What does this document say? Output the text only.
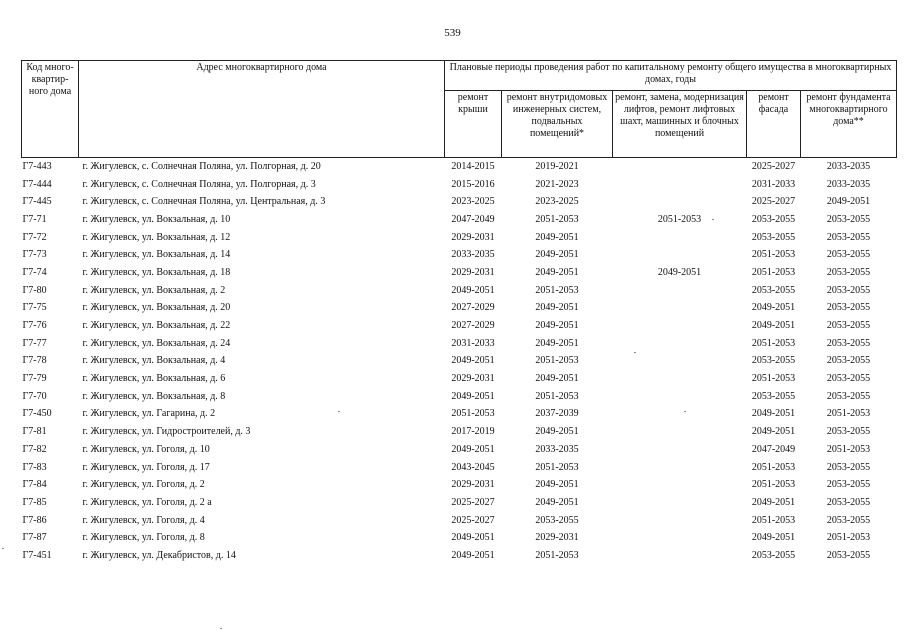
539
Код много-квартир-ного дома	Адрес многоквартирного дома	Плановые периоды проведения работ по капитальному ремонту общего имущества в многоквартирных домах, годы				
		ремонт крыши	ремонт внутридомовых инженерных систем, подвальных помещений*	ремонт, замена, модернизация лифтов, ремонт лифтовых шахт, машинных и блочных помещений	ремонт фасада	ремонт фундамента многоквартирного дома**
Г7-443	г. Жигулевск, с. Солнечная Поляна, ул. Полгорная, д. 20	2014-2015	2019-2021		2025-2027	2033-2035
Г7-444	г. Жигулевск, с. Солнечная Поляна, ул. Полгорная, д. 3	2015-2016	2021-2023		2031-2033	2033-2035
Г7-445	г. Жигулевск, с. Солнечная Поляна, ул. Центральная, д. 3	2023-2025	2023-2025		2025-2027	2049-2051
Г7-71	г. Жигулевск, ул. Вокзальная, д. 10	2047-2049	2051-2053	2051-2053	2053-2055	2053-2055
Г7-72	г. Жигулевск, ул. Вокзальная, д. 12	2029-2031	2049-2051		2053-2055	2053-2055
Г7-73	г. Жигулевск, ул. Вокзальная, д. 14	2033-2035	2049-2051		2051-2053	2053-2055
Г7-74	г. Жигулевск, ул. Вокзальная, д. 18	2029-2031	2049-2051	2049-2051	2051-2053	2053-2055
Г7-80	г. Жигулевск, ул. Вокзальная, д. 2	2049-2051	2051-2053		2053-2055	2053-2055
Г7-75	г. Жигулевск, ул. Вокзальная, д. 20	2027-2029	2049-2051		2049-2051	2053-2055
Г7-76	г. Жигулевск, ул. Вокзальная, д. 22	2027-2029	2049-2051		2049-2051	2053-2055
Г7-77	г. Жигулевск, ул. Вокзальная, д. 24	2031-2033	2049-2051		2051-2053	2053-2055
Г7-78	г. Жигулевск, ул. Вокзальная, д. 4	2049-2051	2051-2053		2053-2055	2053-2055
Г7-79	г. Жигулевск, ул. Вокзальная, д. 6	2029-2031	2049-2051		2051-2053	2053-2055
Г7-70	г. Жигулевск, ул. Вокзальная, д. 8	2049-2051	2051-2053		2053-2055	2053-2055
Г7-450	г. Жигулевск, ул. Гагарина, д. 2	2051-2053	2037-2039		2049-2051	2051-2053
Г7-81	г. Жигулевск, ул. Гидростроителей, д. 3	2017-2019	2049-2051		2049-2051	2053-2055
Г7-82	г. Жигулевск, ул. Гоголя, д. 10	2049-2051	2033-2035		2047-2049	2051-2053
Г7-83	г. Жигулевск, ул. Гоголя, д. 17	2043-2045	2051-2053		2051-2053	2053-2055
Г7-84	г. Жигулевск, ул. Гоголя, д. 2	2029-2031	2049-2051		2051-2053	2053-2055
Г7-85	г. Жигулевск, ул. Гоголя, д. 2 а	2025-2027	2049-2051		2049-2051	2053-2055
Г7-86	г. Жигулевск, ул. Гоголя, д. 4	2025-2027	2053-2055		2051-2053	2053-2055
Г7-87	г. Жигулевск, ул. Гоголя, д. 8	2049-2051	2029-2031		2049-2051	2051-2053
Г7-451	г. Жигулевск, ул. Декабристов, д. 14	2049-2051	2051-2053		2053-2055	2053-2055
